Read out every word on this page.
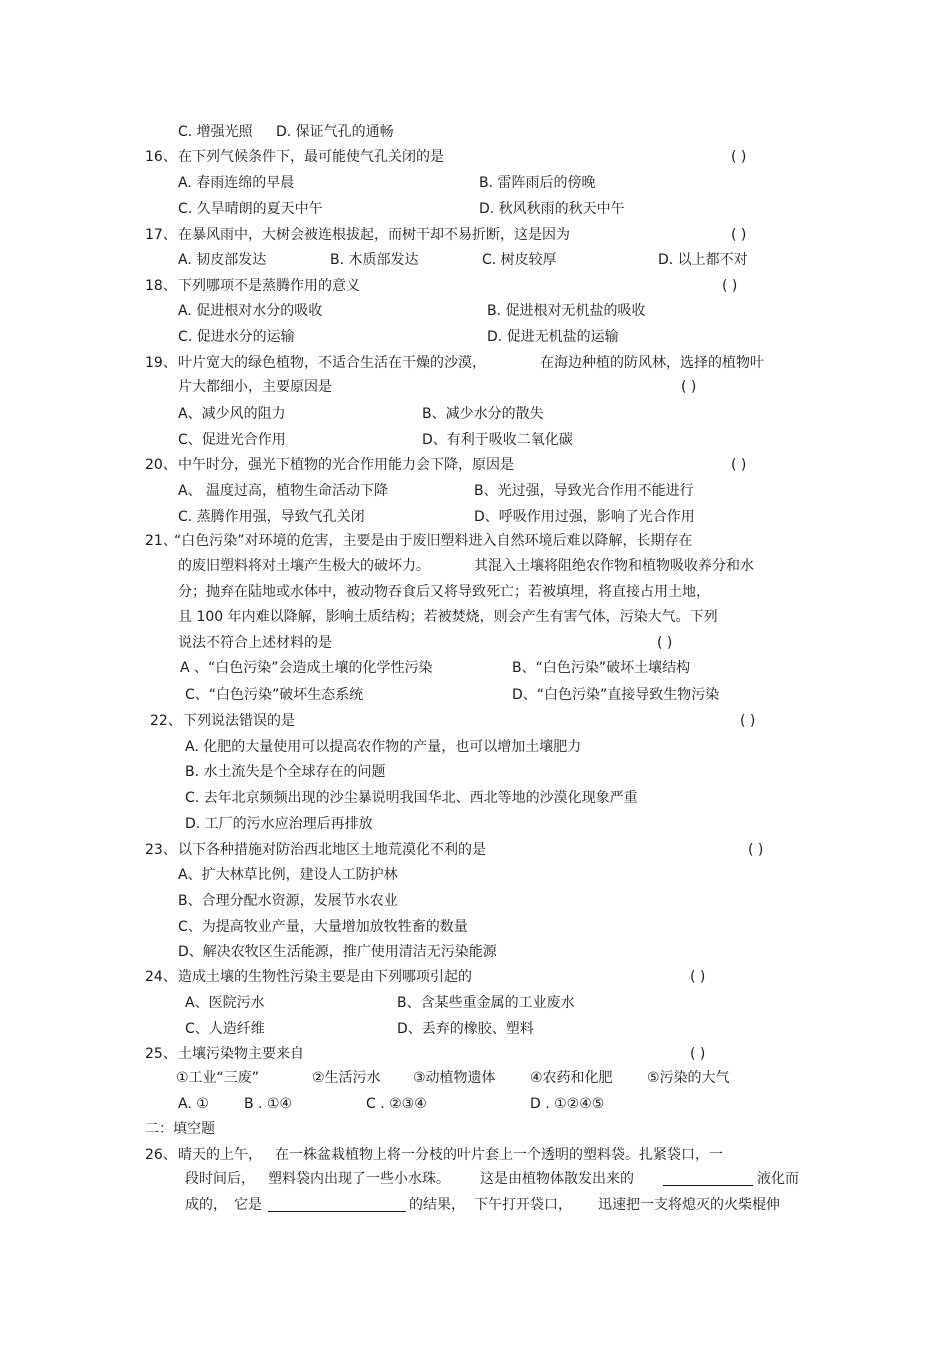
C. 增强光照 D. 保证气孔的通畅
16、 在下列气候条件下，最可能使气孔关闭的是	( )
A. 春雨连绵的早晨	B. 雷阵雨后的傍晚
C. 久旱晴朗的夏天中午	D. 秋风秋雨的秋天中午
17、 在暴风雨中，大树会被连根拔起，而树干却不易折断，这是因为	( )
A. 韧皮部发达	B. 木质部发达	C. 树皮较厚	D. 以上都不对
18、 下列哪项不是蒸腾作用的意义	( )
A. 促进根对水分的吸收	B. 促进根对无机盐的吸收
C. 促进水分的运输	D. 促进无机盐的运输
19、 叶片宽大的绿色植物，不适合生活在干燥的沙漠，	在海边种植的防风林，选择的植物叶
片大都细小，主要原因是	( )
A、减少风的阻力	B、减少水分的散失
C、促进光合作用	D、有利于吸收二氧化碳
20、 中午时分，强光下植物的光合作用能力会下降，原因是	( )
A、 温度过高，植物生命活动下降	B、光过强，导致光合作用不能进行
C. 蒸腾作用强，导致气孔关闭	D、呼吸作用过强，影响了光合作用
21、
“白色污染”对环境的危害，主要是由于废旧塑料进入自然环境后难以降解，长期存在
的废旧塑料将对土壤产生极大的破坏力。	其混入土壤将阻绝农作物和植物吸收养分和水
分；抛弃在陆地或水体中，被动物吞食后又将导致死亡；若被填埋，将直接占用土地，
且 100 年内难以降解，影响土质结构；若被焚烧，则会产生有害气体，污染大气。下列
说法不符合上述材料的是	( )
A 、“白色污染”会造成土壤的化学性污染	B、“白色污染”破坏土壤结构
C、“白色污染”破坏生态系统	D、“白色污染”直接导致生物污染
22、 下列说法错误的是	( )
A. 化肥的大量使用可以提高农作物的产量，也可以增加土壤肥力
B. 水土流失是个全球存在的问题
C. 去年北京频频出现的沙尘暴说明我国华北、西北等地的沙漠化现象严重
D. 工厂的污水应治理后再排放
23、 以下各种措施对防治西北地区土地荒漠化不利的是	( )
A、扩大林草比例，建设人工防护林
B、合理分配水资源，发展节水农业
C、为提高牧业产量，大量增加放牧牲畜的数量
D、解决农牧区生活能源，推广使用清洁无污染能源
24、 造成土壤的生物性污染主要是由下列哪项引起的	( )
A、医院污水	B、含某些重金属的工业废水
C、人造纤维	D、丢弃的橡胶、塑料
25、 土壤污染物主要来自	( )
①工业“三废”	②生活污水 ③动植物遗体 ④农药和化肥 ⑤污染的大气
A. ①	B . ①④	C . ②③④	D . ①②④⑤
二：填空题
26、 晴天的上午， 在一株盆栽植物上将一分枝的叶片套上一个透明的塑料袋。扎紧袋口，一
段时间后， 塑料袋内出现了一些小水珠。 这是由植物体散发出来的	液化而
成的， 它是	的结果， 下午打开袋口， 迅速把一支将熄灭的火柴棍伸
